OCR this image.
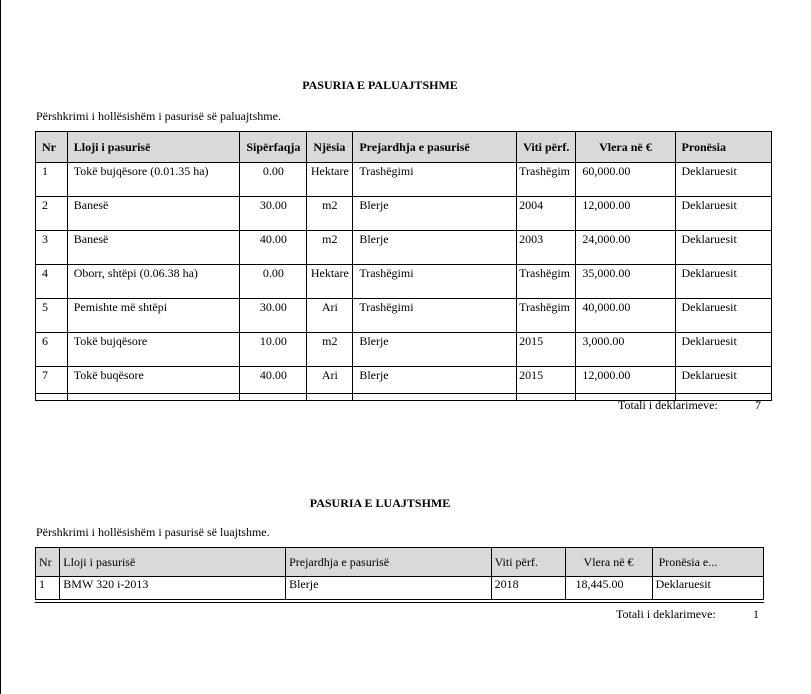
PASURIA E PALUAJTSHME
Përshkrimi i hollësishëm i pasurisë së paluajtshme.
Nr	Lloji i pasurisë	Sipërfaqja	Njësia	Prejardhja e pasurisë	Viti përf.	Vlera në €	Pronësia
1	Tokë bujqësore (0.01.35 ha)	0.00	Hektare	Trashëgimi	Trashëgim	60,000.00	Deklaruesit
2	Banesë	30.00	m2	Blerje	2004	12,000.00	Deklaruesit
3	Banesë	40.00	m2	Blerje	2003	24,000.00	Deklaruesit
4	Oborr, shtëpi (0.06.38 ha)	0.00	Hektare	Trashëgimi	Trashëgim	35,000.00	Deklaruesit
5	Pemishte më shtëpi	30.00	Ari	Trashëgimi	Trashëgim	40,000.00	Deklaruesit
6	Tokë bujqësore	10.00	m2	Blerje	2015	3,000.00	Deklaruesit
7	Tokë buqësore	40.00	Ari	Blerje	2015	12,000.00	Deklaruesit
Totali i deklarimeve:	7
PASURIA E LUAJTSHME
Përshkrimi i hollësishëm i pasurisë së luajtshme.
Nr	Lloji i pasurisë	Prejardhja e pasurisë	Viti përf.	Vlera në €	Pronësia e...
1	BMW 320 i-2013	Blerje	2018	18,445.00	Deklaruesit
Totali i deklarimeve:	1
